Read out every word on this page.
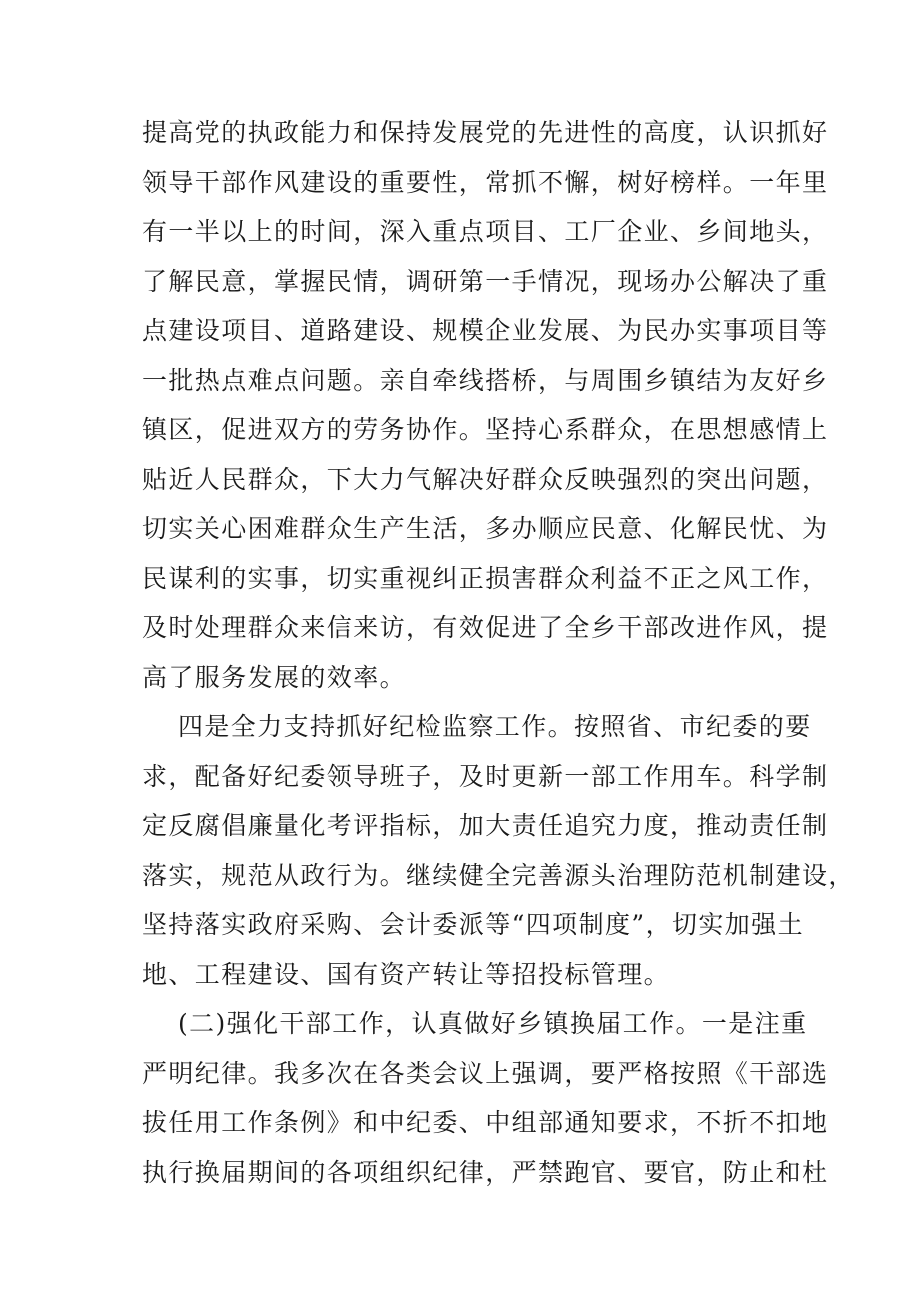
提高党的执政能力和保持发展党的先进性的高度，认识抓好
领导干部作风建设的重要性，常抓不懈，树好榜样。一年里
有一半以上的时间，深入重点项目、工厂企业、乡间地头，
了解民意，掌握民情，调研第一手情况，现场办公解决了重
点建设项目、道路建设、规模企业发展、为民办实事项目等
一批热点难点问题。亲自牵线搭桥，与周围乡镇结为友好乡
镇区，促进双方的劳务协作。坚持心系群众，在思想感情上
贴近人民群众，下大力气解决好群众反映强烈的突出问题，
切实关心困难群众生产生活，多办顺应民意、化解民忧、为
民谋利的实事，切实重视纠正损害群众利益不正之风工作，
及时处理群众来信来访，有效促进了全乡干部改进作风，提
高了服务发展的效率。

四是全力支持抓好纪检监察工作。按照省、市纪委的要
求，配备好纪委领导班子，及时更新一部工作用车。科学制
定反腐倡廉量化考评指标，加大责任追究力度，推动责任制
落实，规范从政行为。继续健全完善源头治理防范机制建设，
坚持落实政府采购、会计委派等“四项制度”，切实加强土
地、工程建设、国有资产转让等招投标管理。

(二)强化干部工作，认真做好乡镇换届工作。一是注重
严明纪律。我多次在各类会议上强调，要严格按照《干部选
拔任用工作条例》和中纪委、中组部通知要求，不折不扣地
执行换届期间的各项组织纪律，严禁跑官、要官，防止和杜
